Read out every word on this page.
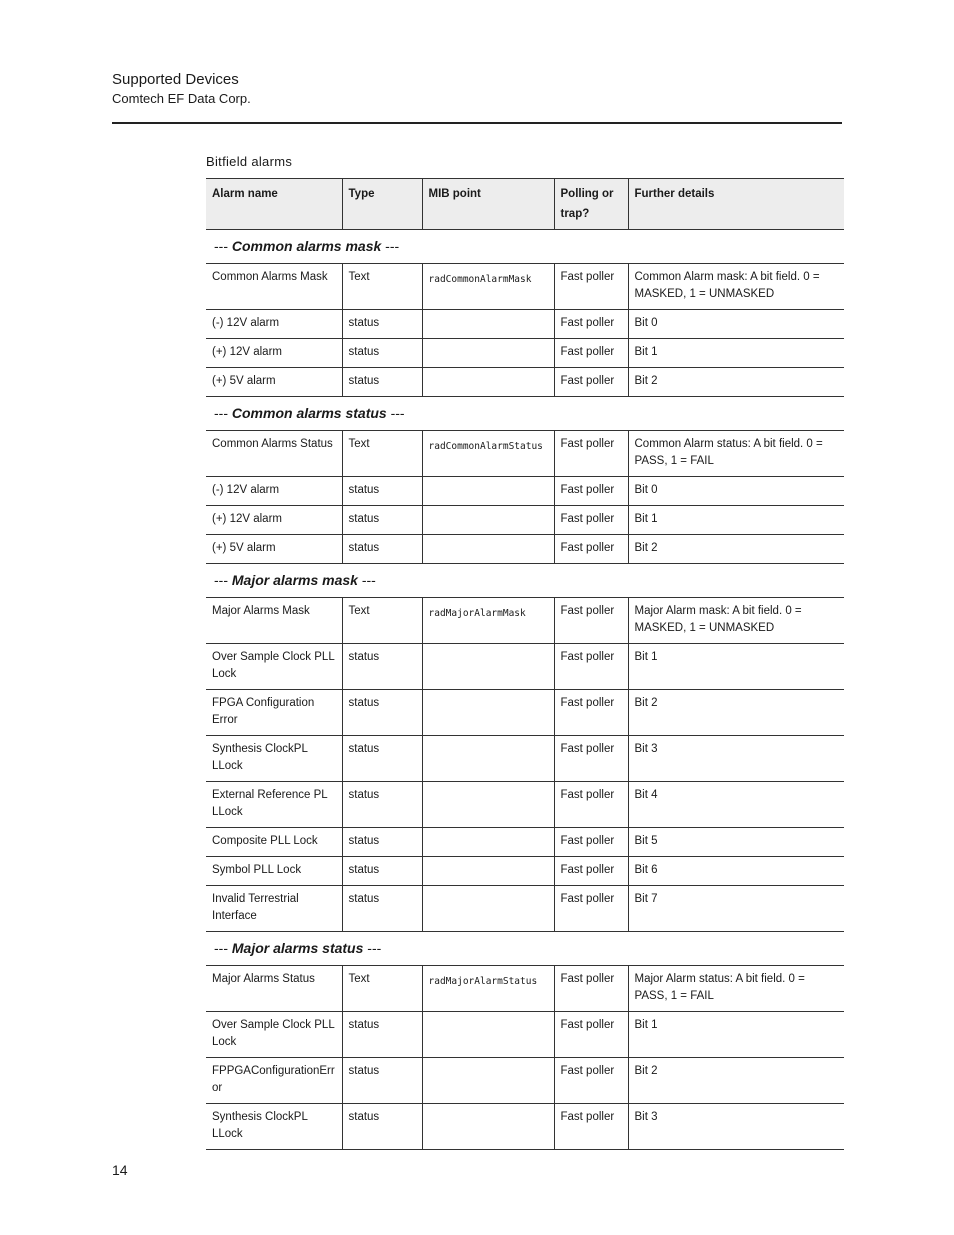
Supported Devices
Comtech EF Data Corp.
Bitfield alarms
Alarm name	Type	MIB point	Polling or trap?	Further details
--- Common alarms mask ---				
Common Alarms Mask	Text	radCommonAlarmMask	Fast poller	Common Alarm mask: A bit field. 0 = MASKED, 1 = UNMASKED
(-) 12V alarm	status		Fast poller	Bit 0
(+) 12V alarm	status		Fast poller	Bit 1
(+) 5V alarm	status		Fast poller	Bit 2
--- Common alarms status ---				
Common Alarms Status	Text	radCommonAlarmStatus	Fast poller	Common Alarm status: A bit field. 0 = PASS, 1 = FAIL
(-) 12V alarm	status		Fast poller	Bit 0
(+) 12V alarm	status		Fast poller	Bit 1
(+) 5V alarm	status		Fast poller	Bit 2
--- Major alarms mask ---				
Major Alarms Mask	Text	radMajorAlarmMask	Fast poller	Major Alarm mask: A bit field. 0 = MASKED, 1 = UNMASKED
Over Sample Clock PLL Lock	status		Fast poller	Bit 1
FPGA Configuration Error	status		Fast poller	Bit 2
Synthesis ClockPL LLock	status		Fast poller	Bit 3
External Reference PL LLock	status		Fast poller	Bit 4
Composite PLL Lock	status		Fast poller	Bit 5
Symbol PLL Lock	status		Fast poller	Bit 6
Invalid Terrestrial Interface	status		Fast poller	Bit 7
--- Major alarms status ---				
Major Alarms Status	Text	radMajorAlarmStatus	Fast poller	Major Alarm status: A bit field. 0 = PASS, 1 = FAIL
Over Sample Clock PLL Lock	status		Fast poller	Bit 1
FPPGAConfigurationErr or	status		Fast poller	Bit 2
Synthesis ClockPL LLock	status		Fast poller	Bit 3
14
